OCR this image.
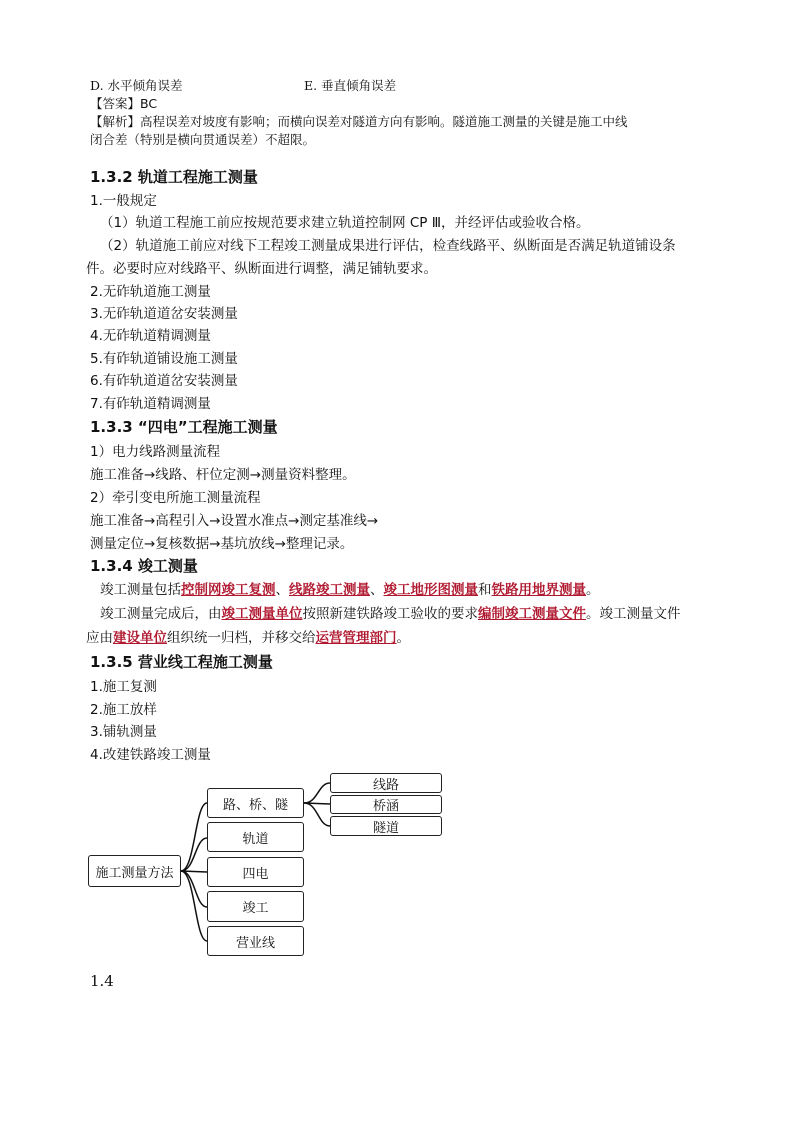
D. 水平倾角误差	E. 垂直倾角误差
【答案】BC
【解析】高程误差对坡度有影响；而横向误差对隧道方向有影响。隧道施工测量的关键是施工中线
闭合差（特别是横向贯通误差）不超限。
1.3.2 轨道工程施工测量
1.一般规定
（1）轨道工程施工前应按规范要求建立轨道控制网 CP Ⅲ，并经评估或验收合格。
（2）轨道施工前应对线下工程竣工测量成果进行评估，检查线路平、纵断面是否满足轨道铺设条
件。必要时应对线路平、纵断面进行调整，满足铺轨要求。
2.无砟轨道施工测量
3.无砟轨道道岔安装测量
4.无砟轨道精调测量
5.有砟轨道铺设施工测量
6.有砟轨道道岔安装测量
7.有砟轨道精调测量
1.3.3 “四电”工程施工测量
1）电力线路测量流程
施工准备→线路、杆位定测→测量资料整理。
2）牵引变电所施工测量流程
施工准备→高程引入→设置水准点→测定基准线→
测量定位→复核数据→基坑放线→整理记录。
1.3.4 竣工测量
竣工测量包括控制网竣工复测、线路竣工测量、竣工地形图测量和铁路用地界测量。
竣工测量完成后，由竣工测量单位按照新建铁路竣工验收的要求编制竣工测量文件。竣工测量文件
应由建设单位组织统一归档，并移交给运营管理部门。
1.3.5 营业线工程施工测量
1.施工复测
2.施工放样
3.铺轨测量
4.改建铁路竣工测量
施工测量方法
路、桥、隧
轨道
四电
竣工
营业线
线路
桥涵
隧道
1.4
